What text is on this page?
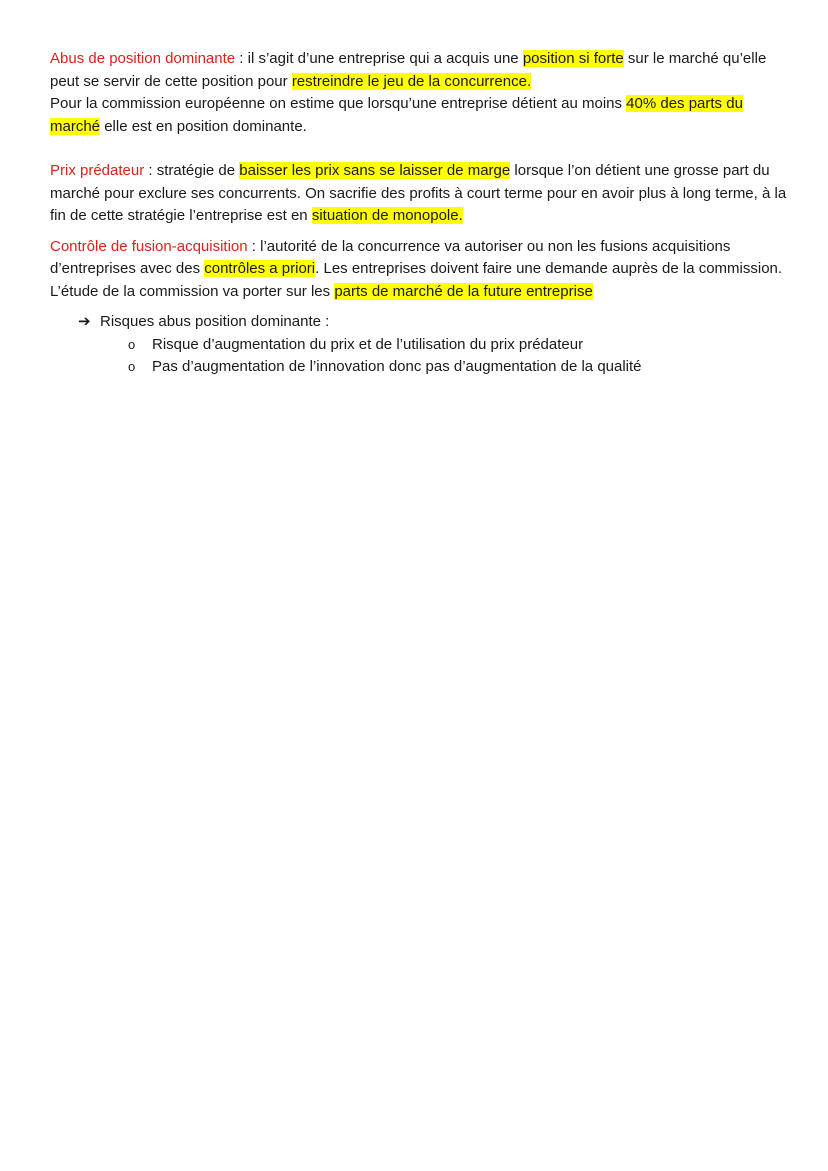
Abus de position dominante : il s’agit d’une entreprise qui a acquis une position si forte sur le marché qu’elle peut se servir de cette position pour restreindre le jeu de la concurrence.

Pour la commission européenne on estime que lorsqu’une entreprise détient au moins 40% des parts du marché elle est en position dominante.

Prix prédateur : stratégie de baisser les prix sans se laisser de marge lorsque l’on détient une grosse part du marché pour exclure ses concurrents. On sacrifie des profits à court terme pour en avoir plus à long terme, à la fin de cette stratégie l’entreprise est en situation de monopole.

Contrôle de fusion-acquisition : l’autorité de la concurrence va autoriser ou non les fusions acquisitions d’entreprises avec des contrôles a priori. Les entreprises doivent faire une demande auprès de la commission. L’étude de la commission va porter sur les parts de marché de la future entreprise

➔ Risques abus position dominante :
o	Risque d’augmentation du prix et de l’utilisation du prix prédateur
o	Pas d’augmentation de l’innovation donc pas d’augmentation de la qualité
